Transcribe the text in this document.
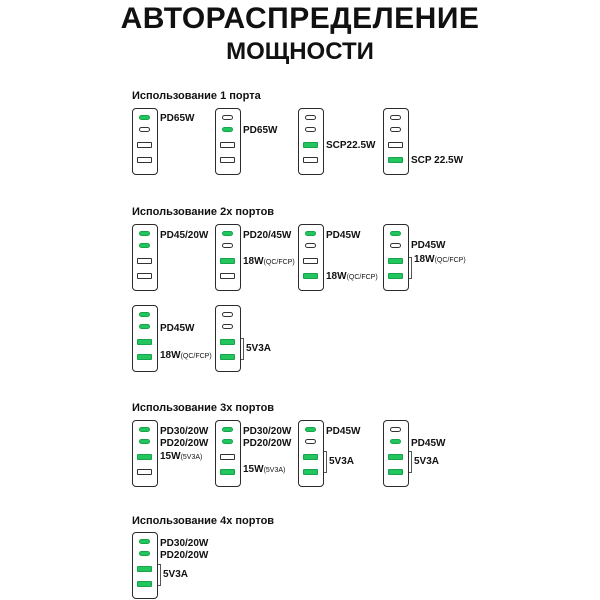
АВТОРАСПРЕДЕЛЕНИЕ
МОЩНОСТИ
Использование 1 порта
PD65W
PD65W
SCP22.5W
SCP 22.5W
Использование 2х портов
PD45/20W	PD20/45W
18W(QC/FCP)
PD45W
18W(QC/FCP)
PD45W
18W(QC/FCP)
PD45W
18W(QC/FCP)
5V3A
Использование 3х портов
PD30/20W
PD20/20W
15W(5V3A)
PD30/20W
PD20/20W
15W(5V3A)
PD45W
5V3A
PD45W
5V3A
Использование 4х портов
PD30/20W
PD20/20W
5V3A
